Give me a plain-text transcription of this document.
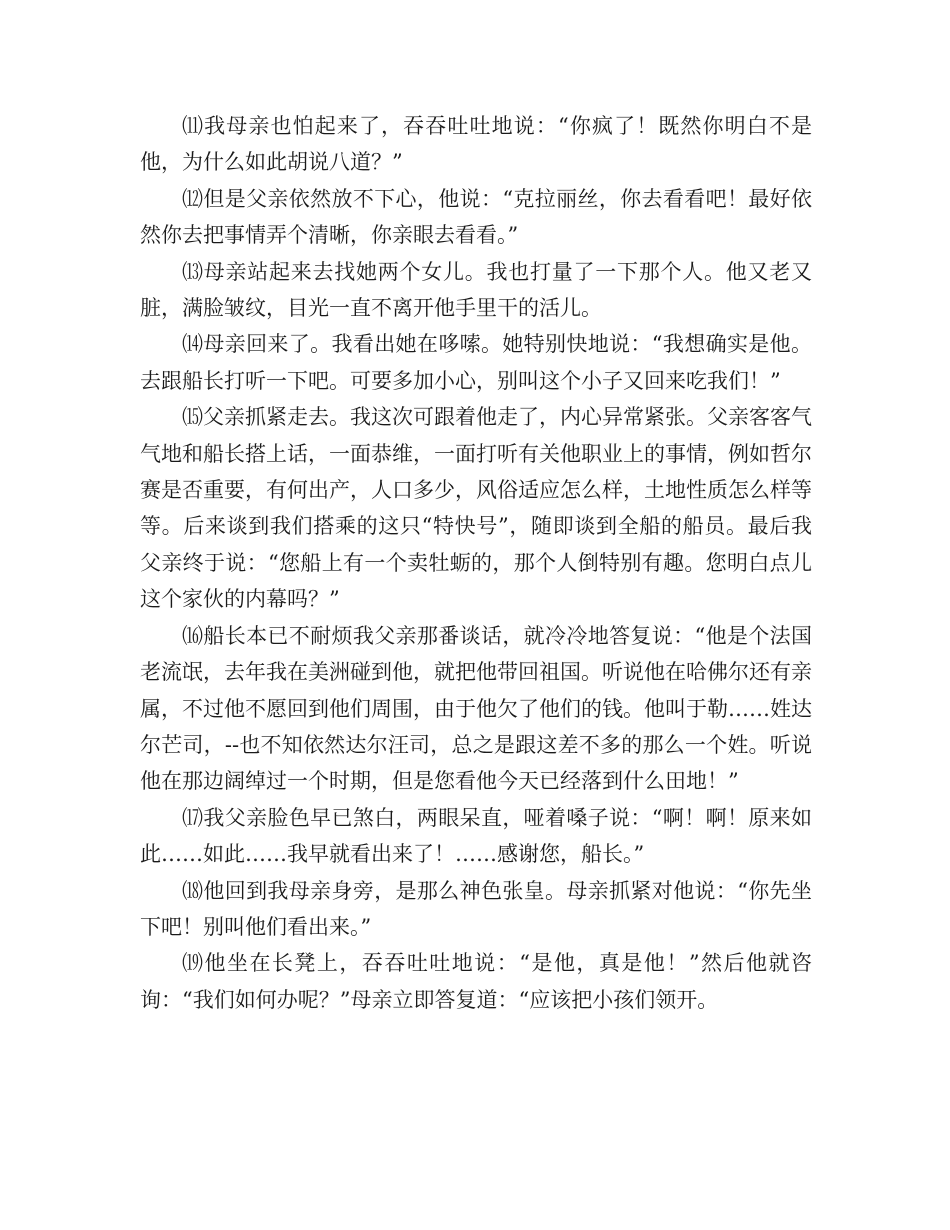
⑾我母亲也怕起来了，吞吞吐吐地说：“你疯了！既然你明白不是他，为什么如此胡说八道？”

⑿但是父亲依然放不下心，他说：“克拉丽丝，你去看看吧！最好依然你去把事情弄个清晰，你亲眼去看看。”

⒀母亲站起来去找她两个女儿。我也打量了一下那个人。他又老又脏，满脸皱纹，目光一直不离开他手里干的活儿。

⒁母亲回来了。我看出她在哆嗦。她特别快地说：“我想确实是他。去跟船长打听一下吧。可要多加小心，别叫这个小子又回来吃我们！”

⒂父亲抓紧走去。我这次可跟着他走了，内心异常紧张。父亲客客气气地和船长搭上话，一面恭维，一面打听有关他职业上的事情，例如哲尔赛是否重要，有何出产，人口多少，风俗适应怎么样，土地性质怎么样等等。后来谈到我们搭乘的这只“特快号”，随即谈到全船的船员。最后我父亲终于说：“您船上有一个卖牡蛎的，那个人倒特别有趣。您明白点儿这个家伙的内幕吗？”

⒃船长本已不耐烦我父亲那番谈话，就冷冷地答复说：“他是个法国老流氓，去年我在美洲碰到他，就把他带回祖国。听说他在哈佛尔还有亲属，不过他不愿回到他们周围，由于他欠了他们的钱。他叫于勒……姓达尔芒司，--也不知依然达尔汪司，总之是跟这差不多的那么一个姓。听说他在那边阔绰过一个时期，但是您看他今天已经落到什么田地！”

⒄我父亲脸色早已煞白，两眼呆直，哑着嗓子说：“啊！啊！原来如此……如此……我早就看出来了！……感谢您，船长。”

⒅他回到我母亲身旁，是那么神色张皇。母亲抓紧对他说：“你先坐下吧！别叫他们看出来。”

⒆他坐在长凳上，吞吞吐吐地说：“是他，真是他！”然后他就咨询：“我们如何办呢？”母亲立即答复道：“应该把小孩们领开。
